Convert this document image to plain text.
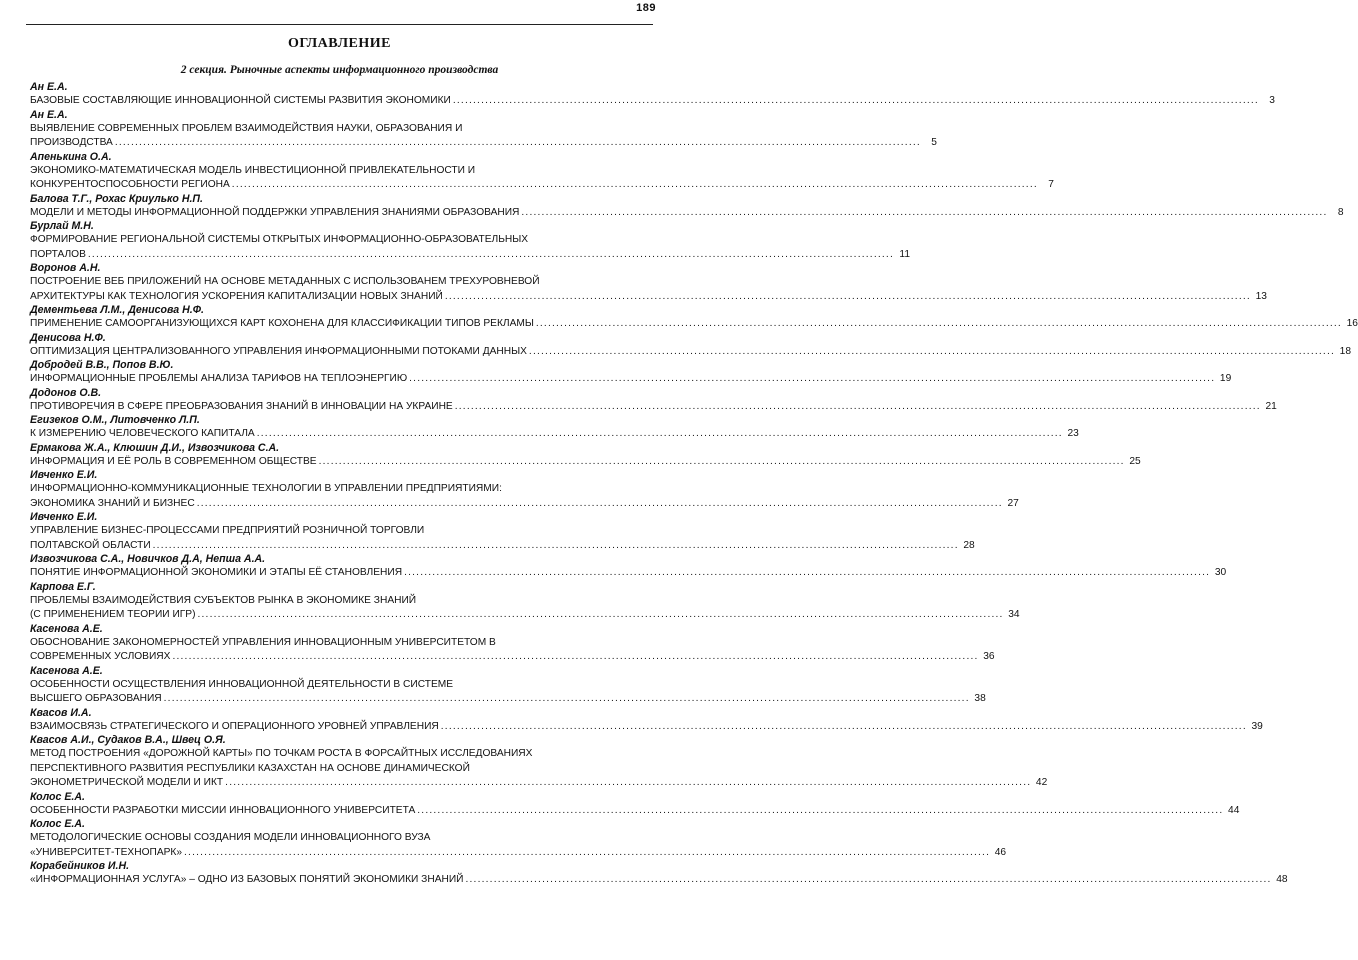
189
ОГЛАВЛЕНИЕ
2 секция. Рыночные аспекты информационного производства
Ан Е.А.
БАЗОВЫЕ СОСТАВЛЯЮЩИЕ ИННОВАЦИОННОЙ СИСТЕМЫ РАЗВИТИЯ ЭКОНОМИКИ ........................................................................................................................................................................................................	3
Ан Е.А.
ВЫЯВЛЕНИЕ СОВРЕМЕННЫХ ПРОБЛЕМ ВЗАИМОДЕЙСТВИЯ НАУКИ, ОБРАЗОВАНИЯ И
ПРОИЗВОДСТВА ........................................................................................................................................................................................................	5
Апенькина О.А.
ЭКОНОМИКО-МАТЕМАТИЧЕСКАЯ МОДЕЛЬ ИНВЕСТИЦИОННОЙ ПРИВЛЕКАТЕЛЬНОСТИ И
КОНКУРЕНТОСПОСОБНОСТИ РЕГИОНА ........................................................................................................................................................................................................	7
Балова Т.Г., Рохас Криулько Н.П.
МОДЕЛИ И МЕТОДЫ ИНФОРМАЦИОННОЙ ПОДДЕРЖКИ УПРАВЛЕНИЯ ЗНАНИЯМИ ОБРАЗОВАНИЯ ........................................................................................................................................................................................................	8
Бурлай М.Н.
ФОРМИРОВАНИЕ РЕГИОНАЛЬНОЙ СИСТЕМЫ ОТКРЫТЫХ ИНФОРМАЦИОННО-ОБРАЗОВАТЕЛЬНЫХ
ПОРТАЛОВ ........................................................................................................................................................................................................ 11
Воронов А.Н.
ПОСТРОЕНИЕ ВЕБ ПРИЛОЖЕНИЙ НА ОСНОВЕ МЕТАДАННЫХ С ИСПОЛЬЗОВАНЕМ ТРЕХУРОВНЕВОЙ
АРХИТЕКТУРЫ КАК ТЕХНОЛОГИЯ УСКОРЕНИЯ КАПИТАЛИЗАЦИИ НОВЫХ ЗНАНИЙ ........................................................................................................................................................................................................ 13
Дементьева Л.М., Денисова Н.Ф.
ПРИМЕНЕНИЕ САМООРГАНИЗУЮЩИХСЯ КАРТ КОХОНЕНА ДЛЯ КЛАССИФИКАЦИИ ТИПОВ РЕКЛАМЫ ........................................................................................................................................................................................................ 16
Денисова Н.Ф.
ОПТИМИЗАЦИЯ ЦЕНТРАЛИЗОВАННОГО УПРАВЛЕНИЯ ИНФОРМАЦИОННЫМИ ПОТОКАМИ ДАННЫХ ........................................................................................................................................................................................................ 18
Добродей В.В., Попов В.Ю.
ИНФОРМАЦИОННЫЕ ПРОБЛЕМЫ АНАЛИЗА ТАРИФОВ НА ТЕПЛОЭНЕРГИЮ ........................................................................................................................................................................................................ 19
Додонов О.В.
ПРОТИВОРЕЧИЯ В СФЕРЕ ПРЕОБРАЗОВАНИЯ ЗНАНИЙ В ИННОВАЦИИ НА УКРАИНЕ ........................................................................................................................................................................................................ 21
Егизеков О.М., Литовченко Л.П.
К ИЗМЕРЕНИЮ ЧЕЛОВЕЧЕСКОГО КАПИТАЛА ........................................................................................................................................................................................................ 23
Ермакова Ж.А., Клюшин Д.И., Извозчикова С.А.
ИНФОРМАЦИЯ И ЕЁ РОЛЬ В СОВРЕМЕННОМ ОБЩЕСТВЕ ........................................................................................................................................................................................................ 25
Ивченко Е.И.
ИНФОРМАЦИОННО-КОММУНИКАЦИОННЫЕ ТЕХНОЛОГИИ В УПРАВЛЕНИИ ПРЕДПРИЯТИЯМИ:
ЭКОНОМИКА ЗНАНИЙ И БИЗНЕС ........................................................................................................................................................................................................ 27
Ивченко Е.И.
УПРАВЛЕНИЕ БИЗНЕС-ПРОЦЕССАМИ ПРЕДПРИЯТИЙ РОЗНИЧНОЙ ТОРГОВЛИ
ПОЛТАВСКОЙ ОБЛАСТИ ........................................................................................................................................................................................................ 28
Извозчикова С.А., Новичков Д.А, Непша А.А.
ПОНЯТИЕ ИНФОРМАЦИОННОЙ ЭКОНОМИКИ И ЭТАПЫ ЕЁ СТАНОВЛЕНИЯ ........................................................................................................................................................................................................ 30
Карпова Е.Г.
ПРОБЛЕМЫ ВЗАИМОДЕЙСТВИЯ СУБЪЕКТОВ РЫНКА В ЭКОНОМИКЕ ЗНАНИЙ
(С ПРИМЕНЕНИЕМ ТЕОРИИ ИГР) ........................................................................................................................................................................................................ 34
Касенова А.Е.
ОБОСНОВАНИЕ ЗАКОНОМЕРНОСТЕЙ УПРАВЛЕНИЯ ИННОВАЦИОННЫМ УНИВЕРСИТЕТОМ В
СОВРЕМЕННЫХ УСЛОВИЯХ ........................................................................................................................................................................................................ 36
Касенова А.Е.
ОСОБЕННОСТИ ОСУЩЕСТВЛЕНИЯ ИННОВАЦИОННОЙ ДЕЯТЕЛЬНОСТИ В СИСТЕМЕ
ВЫСШЕГО ОБРАЗОВАНИЯ ........................................................................................................................................................................................................ 38
Квасов И.А.
ВЗАИМОСВЯЗЬ СТРАТЕГИЧЕСКОГО И ОПЕРАЦИОННОГО УРОВНЕЙ УПРАВЛЕНИЯ ........................................................................................................................................................................................................ 39
Квасов А.И., Судаков В.А., Швец О.Я.
МЕТОД ПОСТРОЕНИЯ «ДОРОЖНОЙ КАРТЫ» ПО ТОЧКАМ РОСТА В ФОРСАЙТНЫХ ИССЛЕДОВАНИЯХ
ПЕРСПЕКТИВНОГО РАЗВИТИЯ РЕСПУБЛИКИ КАЗАХСТАН НА ОСНОВЕ ДИНАМИЧЕСКОЙ
ЭКОНОМЕТРИЧЕСКОЙ МОДЕЛИ И ИКТ ........................................................................................................................................................................................................ 42
Колос Е.А.
ОСОБЕННОСТИ РАЗРАБОТКИ МИССИИ ИННОВАЦИОННОГО УНИВЕРСИТЕТА ........................................................................................................................................................................................................ 44
Колос Е.А.
МЕТОДОЛОГИЧЕСКИЕ ОСНОВЫ СОЗДАНИЯ МОДЕЛИ ИННОВАЦИОННОГО ВУЗА
«УНИВЕРСИТЕТ-ТЕХНОПАРК» ........................................................................................................................................................................................................ 46
Корабейников И.Н.
«ИНФОРМАЦИОННАЯ УСЛУГА» – ОДНО ИЗ БАЗОВЫХ ПОНЯТИЙ ЭКОНОМИКИ ЗНАНИЙ ........................................................................................................................................................................................................ 48
